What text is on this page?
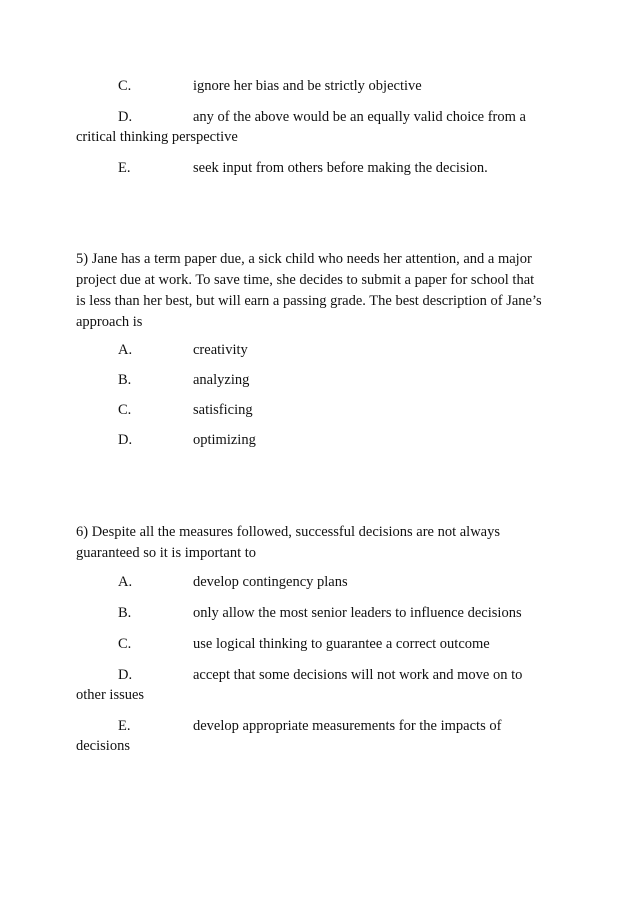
C.	ignore her bias and be strictly objective
D.	any of the above would be an equally valid choice from a
critical thinking perspective
E.	seek input from others before making the decision.
5) Jane has a term paper due, a sick child who needs her attention, and a major
project due at work. To save time, she decides to submit a paper for school that
is less than her best, but will earn a passing grade. The best description of Jane’s
approach is
A.	creativity
B.	analyzing
C.	satisficing
D.	optimizing
6) Despite all the measures followed, successful decisions are not always
guaranteed so it is important to
A.	develop contingency plans
B.	only allow the most senior leaders to influence decisions
C.	use logical thinking to guarantee a correct outcome
D.	accept that some decisions will not work and move on to
other issues
E.	develop appropriate measurements for the impacts of
decisions
